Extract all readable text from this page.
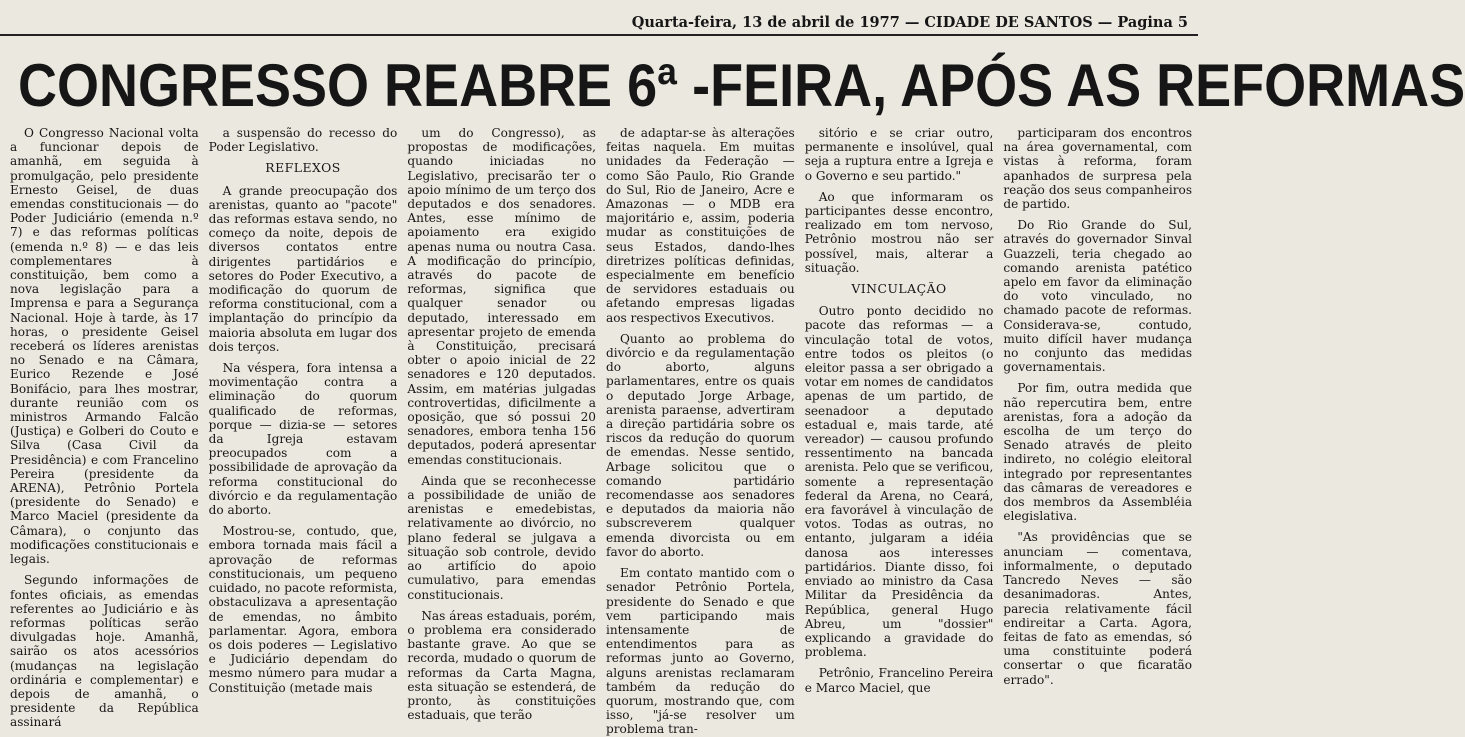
Quarta-feira, 13 de abril de 1977 — CIDADE DE SANTOS — Pagina 5
CONGRESSO REABRE 6ª -FEIRA, APÓS AS REFORMAS

O Congresso Nacional volta a funcionar depois de amanhã, em seguida à promulgação, pelo presidente Ernesto Geisel, de duas emendas constitucionais — do Poder Judiciário (emenda n.º 7) e das reformas políticas (emenda n.º 8) — e das leis complementares à constituição, bem como a nova legislação para a Imprensa e para a Segurança Nacional. Hoje à tarde, às 17 horas, o presidente Geisel receberá os líderes arenistas no Senado e na Câmara, Eurico Rezende e José Bonifácio, para lhes mostrar, durante reunião com os ministros Armando Falcão (Justiça) e Golberi do Couto e Silva (Casa Civil da Presidência) e com Francelino Pereira (presidente da ARENA), Petrônio Portela (presidente do Senado) e Marco Maciel (presidente da Câmara), o conjunto das modificações constitucionais e legais.

Segundo informações de fontes oficiais, as emendas referentes ao Judiciário e às reformas políticas serão divulgadas hoje. Amanhã, sairão os atos acessórios (mudanças na legislação ordinária e complementar) e depois de amanhã, o presidente da República assinará

a suspensão do recesso do Poder Legislativo.

REFLEXOS

A grande preocupação dos arenistas, quanto ao "pacote" das reformas estava sendo, no começo da noite, depois de diversos contatos entre dirigentes partidários e setores do Poder Executivo, a modificação do quorum de reforma constitucional, com a implantação do princípio da maioria absoluta em lugar dos dois terços.

Na véspera, fora intensa a movimentação contra a eliminação do quorum qualificado de reformas, porque — dizia-se — setores da Igreja estavam preocupados com a possibilidade de aprovação da reforma constitucional do divórcio e da regulamentação do aborto.

Mostrou-se, contudo, que, embora tornada mais fácil a aprovação de reformas constitucionais, um pequeno cuidado, no pacote reformista, obstaculizava a apresentação de emendas, no âmbito parlamentar. Agora, embora os dois poderes — Legislativo e Judiciário dependam do mesmo número para mudar a Constituição (metade mais

um do Congresso), as propostas de modificações, quando iniciadas no Legislativo, precisarão ter o apoio mínimo de um terço dos deputados e dos senadores. Antes, esse mínimo de apoiamento era exigido apenas numa ou noutra Casa. A modificação do princípio, através do pacote de reformas, significa que qualquer senador ou deputado, interessado em apresentar projeto de emenda à Constituição, precisará obter o apoio inicial de 22 senadores e 120 deputados. Assim, em matérias julgadas controvertidas, dificilmente a oposição, que só possui 20 senadores, embora tenha 156 deputados, poderá apresentar emendas constitucionais.

Ainda que se reconhecesse a possibilidade de união de arenistas e emedebistas, relativamente ao divórcio, no plano federal se julgava a situação sob controle, devido ao artifício do apoio cumulativo, para emendas constitucionais.

Nas áreas estaduais, porém, o problema era considerado bastante grave. Ao que se recorda, mudado o quorum de reformas da Carta Magna, esta situação se estenderá, de pronto, às constituições estaduais, que terão

de adaptar-se às alterações feitas naquela. Em muitas unidades da Federação — como São Paulo, Rio Grande do Sul, Rio de Janeiro, Acre e Amazonas — o MDB era majoritário e, assim, poderia mudar as constituições de seus Estados, dando-lhes diretrizes políticas definidas, especialmente em benefício de servidores estaduais ou afetando empresas ligadas aos respectivos Executivos.

Quanto ao problema do divórcio e da regulamentação do aborto, alguns parlamentares, entre os quais o deputado Jorge Arbage, arenista paraense, advertiram a direção partidária sobre os riscos da redução do quorum de emendas. Nesse sentido, Arbage solicitou que o comando partidário recomendasse aos senadores e deputados da maioria não subscreverem qualquer emenda divorcista ou em favor do aborto.

Em contato mantido com o senador Petrônio Portela, presidente do Senado e que vem participando mais intensamente de entendimentos para as reformas junto ao Governo, alguns arenistas reclamaram também da redução do quorum, mostrando que, com isso, "já-se resolver um problema tran-

sitório e se criar outro, permanente e insolúvel, qual seja a ruptura entre a Igreja e o Governo e seu partido."

Ao que informaram os participantes desse encontro, realizado em tom nervoso, Petrônio mostrou não ser possível, mais, alterar a situação.

VINCULAÇÃO

Outro ponto decidido no pacote das reformas — a vinculação total de votos, entre todos os pleitos (o eleitor passa a ser obrigado a votar em nomes de candidatos apenas de um partido, de seenadoor a deputado estadual e, mais tarde, até vereador) — causou profundo ressentimento na bancada arenista. Pelo que se verificou, somente a representação federal da Arena, no Ceará, era favorável à vinculação de votos. Todas as outras, no entanto, julgaram a idéia danosa aos interesses partidários. Diante disso, foi enviado ao ministro da Casa Militar da Presidência da República, general Hugo Abreu, um "dossier" explicando a gravidade do problema.

Petrônio, Francelino Pereira e Marco Maciel, que

participaram dos encontros na área governamental, com vistas à reforma, foram apanhados de surpresa pela reação dos seus companheiros de partido.

Do Rio Grande do Sul, através do governador Sinval Guazzeli, teria chegado ao comando arenista patético apelo em favor da eliminação do voto vinculado, no chamado pacote de reformas. Considerava-se, contudo, muito difícil haver mudança no conjunto das medidas governamentais.

Por fim, outra medida que não repercutira bem, entre arenistas, fora a adoção da escolha de um terço do Senado através de pleito indireto, no colégio eleitoral integrado por representantes das câmaras de vereadores e dos membros da Assembléia elegislativa.

"As providências que se anunciam — comentava, informalmente, o deputado Tancredo Neves — são desanimadoras. Antes, parecia relativamente fácil endireitar a Carta. Agora, feitas de fato as emendas, só uma constituinte poderá consertar o que ficaratão errado".
